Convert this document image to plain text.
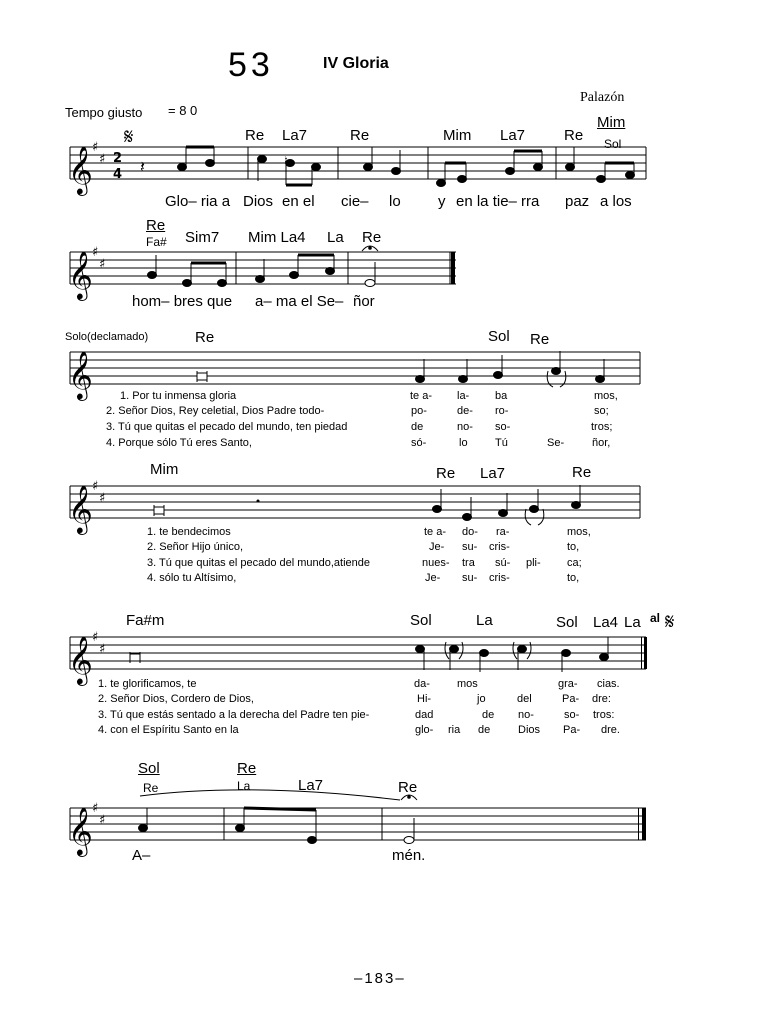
53	IV Gloria
Palazón
Tempo giusto = 8 0
𝄞
𝄞
𝄞
𝄞
𝄞
𝄞
♯
♯
♯
♯
♯
♯
♯
♯
♯
♯
2
4
𝄋
𝄋
𝄽	♮
Re La7	Re	Mim La7	Re
Mim
Sol
Glo– ria a Dios en el cie– lo y en la tie– rra paz a los
Re
Fa# Sim7 Mim La4 La Re
hom– bres que a– ma el Se– ñor
Solo(declamado)	Re	Sol Re
1. Por tu inmensa gloria
2. Señor Dios, Rey celetial, Dios Padre todo-
3. Tú que quitas el pecado del mundo, ten piedad
4. Porque sólo Tú eres Santo,
te a- la- ba	mos,
po-	de- ro-	so;
de	no- so-	tros;
só-	lo Tú	Se-	ñor,
Mim	Re La7	Re
1. te bendecimos
2. Señor Hijo único,
3. Tú que quitas el pecado del mundo,atiende
4. sólo tu Altísimo,
te a- do- ra-	mos,
Je- su- cris-	to,
nues- tra sú- pli- ca;
Je- su- cris-	to,
Fa#m	Sol	La	Sol La4 La al
1. te glorificamos, te
2. Señor Dios, Cordero de Dios,
3. Tú que estás sentado a la derecha del Padre ten pie-
4. con el Espíritu Santo en la
da- mos	gra- cias.
Hi-	jo	del	Pa- dre:
dad	de no-	so- tros:
glo- ria de	Dios Pa- dre.
Sol
Re
Re
La	La7	Re
A–	mén.
–183–
